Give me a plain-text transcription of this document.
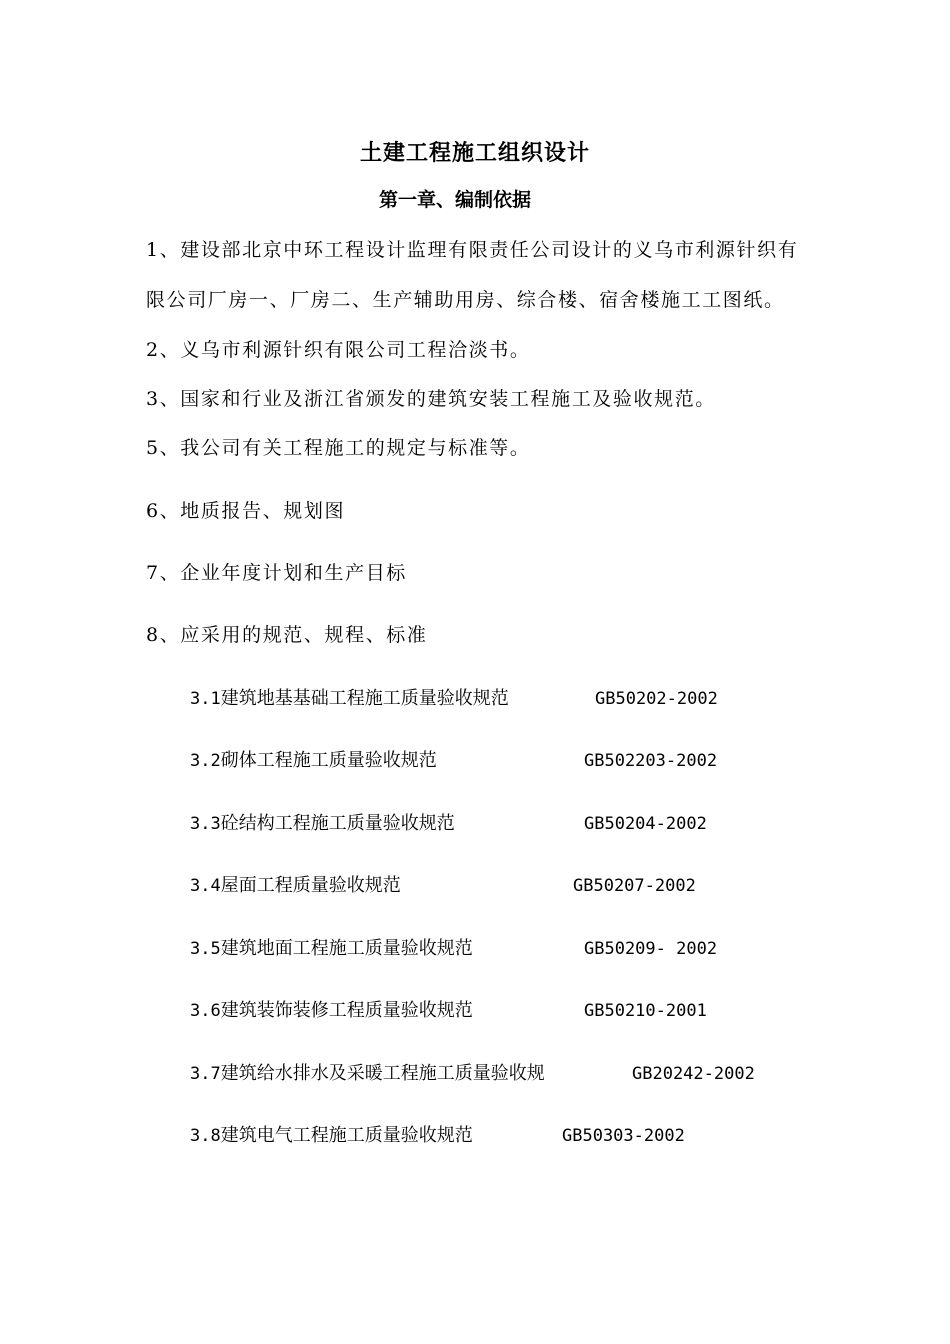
土建工程施工组织设计
第一章、编制依据
1、建设部北京中环工程设计监理有限责任公司设计的义乌市利源针织有
限公司厂房一、厂房二、生产辅助用房、综合楼、宿舍楼施工工图纸。
2、义乌市利源针织有限公司工程洽淡书。
3、国家和行业及浙江省颁发的建筑安装工程施工及验收规范。
5、我公司有关工程施工的规定与标准等。
6、地质报告、规划图
7、企业年度计划和生产目标
8、应采用的规范、规程、标准
3.1建筑地基基础工程施工质量验收规范	GB50202-2002
3.2砌体工程施工质量验收规范	GB502203-2002
3.3砼结构工程施工质量验收规范	GB50204-2002
3.4屋面工程质量验收规范	GB50207-2002
3.5建筑地面工程施工质量验收规范	GB50209- 2002
3.6建筑装饰装修工程质量验收规范	GB50210-2001
3.7建筑给水排水及采暖工程施工质量验收规	GB20242-2002
3.8建筑电气工程施工质量验收规范	GB50303-2002
